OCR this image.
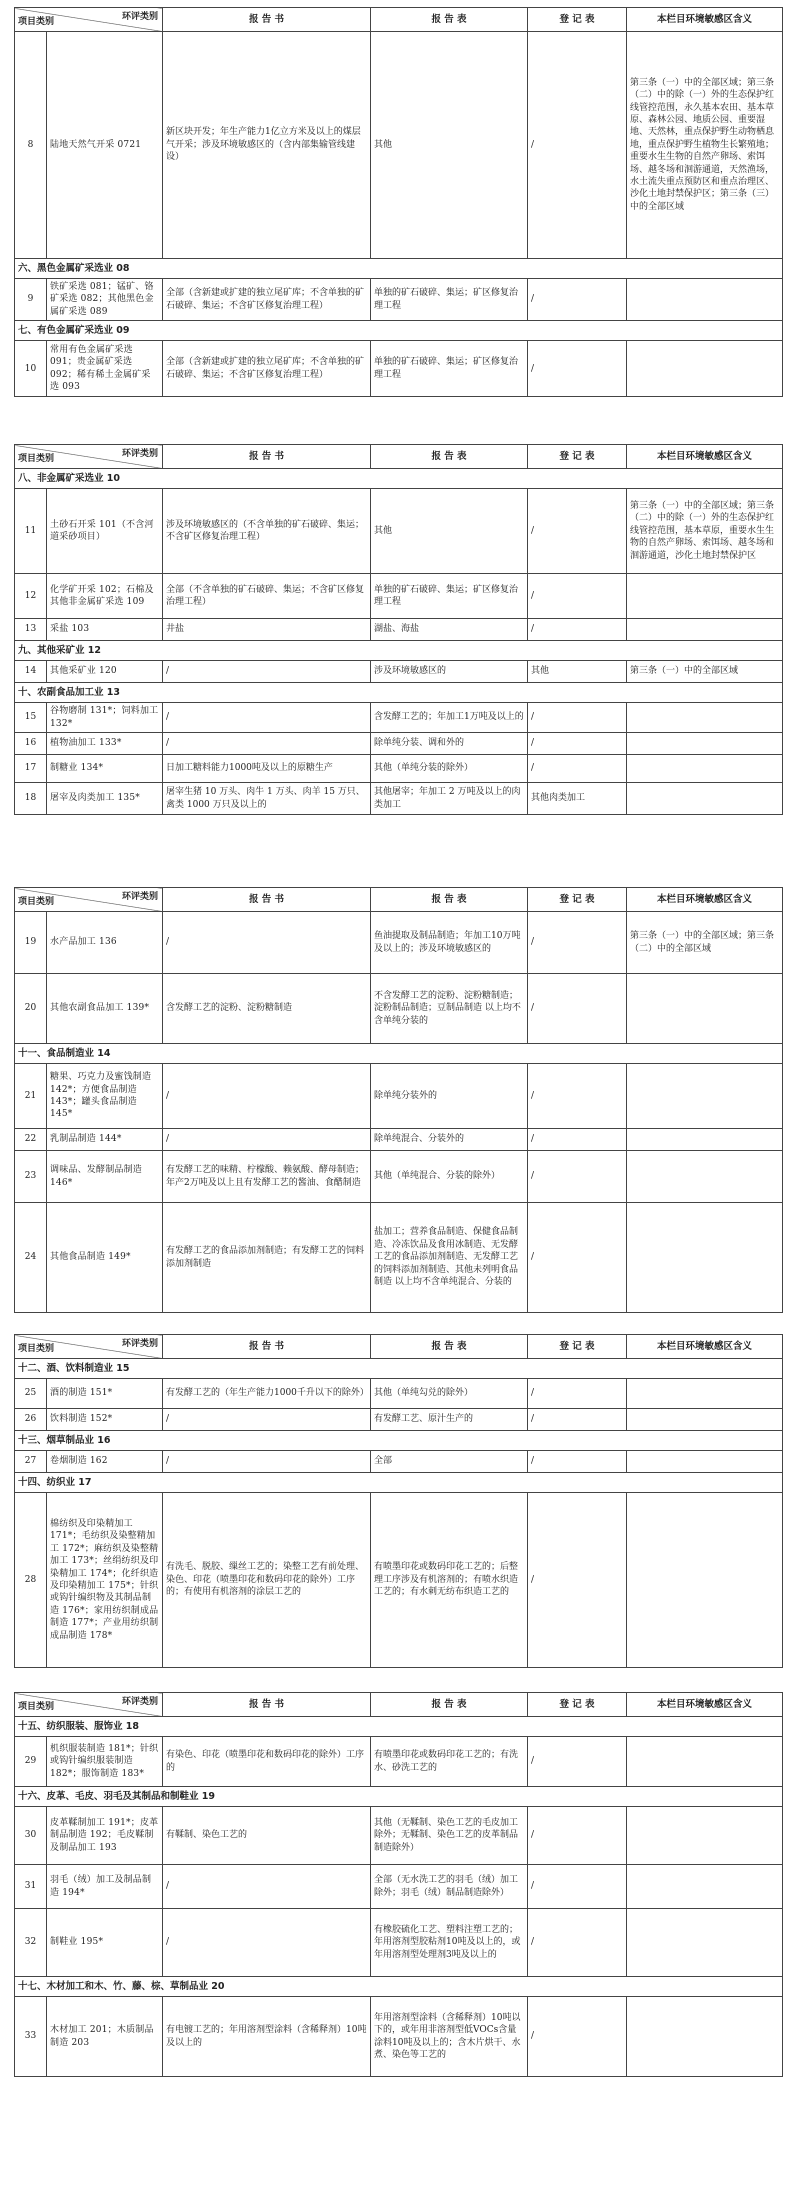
环评类别
项目类别		报 告 书	报 告 表	登 记 表	本栏目环境敏感区含义
8	陆地天然气开采 0721	新区块开发；年生产能力1亿立方米及以上的煤层气开采；涉及环境敏感区的（含内部集输管线建设）	其他	/	第三条（一）中的全部区域；第三条（二）中的除（一）外的生态保护红线管控范围，永久基本农田、基本草原、森林公园、地质公园、重要湿地、天然林，重点保护野生动物栖息地，重点保护野生植物生长繁殖地；重要水生生物的自然产卵场、索饵场、越冬场和洄游通道，天然渔场，水土流失重点预防区和重点治理区、沙化土地封禁保护区；第三条（三）中的全部区域
六、黑色金属矿采选业 08					
9	铁矿采选 081；锰矿、铬矿采选 082；其他黑色金属矿采选 089	全部（含新建或扩建的独立尾矿库；不含单独的矿石破碎、集运；不含矿区修复治理工程）	单独的矿石破碎、集运；矿区修复治理工程	/	
七、有色金属矿采选业 09					
10	常用有色金属矿采选 091；贵金属矿采选 092；稀有稀土金属矿采选 093	全部（含新建或扩建的独立尾矿库；不含单独的矿石破碎、集运；不含矿区修复治理工程）	单独的矿石破碎、集运；矿区修复治理工程	/	
环评类别
项目类别		报 告 书	报 告 表	登 记 表	本栏目环境敏感区含义
八、非金属矿采选业 10					
11	土砂石开采 101（不含河道采砂项目）	涉及环境敏感区的（不含单独的矿石破碎、集运；不含矿区修复治理工程）	其他	/	第三条（一）中的全部区域；第三条（二）中的除（一）外的生态保护红线管控范围，基本草原，重要水生生物的自然产卵场、索饵场、越冬场和洄游通道，沙化土地封禁保护区
12	化学矿开采 102；石棉及其他非金属矿采选 109	全部（不含单独的矿石破碎、集运；不含矿区修复治理工程）	单独的矿石破碎、集运；矿区修复治理工程	/	
13	采盐 103	井盐	湖盐、海盐	/	
九、其他采矿业 12					
14	其他采矿业 120	/	涉及环境敏感区的	其他	第三条（一）中的全部区域
十、农副食品加工业 13					
15	谷物磨制 131*；饲料加工 132*	/	含发酵工艺的；年加工1万吨及以上的	/	
16	植物油加工 133*	/	除单纯分装、调和外的	/	
17	制糖业 134*	日加工糖料能力1000吨及以上的原糖生产	其他（单纯分装的除外）	/	
18	屠宰及肉类加工 135*	屠宰生猪 10 万头、肉牛 1 万头、肉羊 15 万只、禽类 1000 万只及以上的	其他屠宰；年加工 2 万吨及以上的肉类加工	其他肉类加工	
环评类别
项目类别		报 告 书	报 告 表	登 记 表	本栏目环境敏感区含义
19	水产品加工 136	/	鱼油提取及制品制造；年加工10万吨及以上的；涉及环境敏感区的	/	第三条（一）中的全部区域；第三条（二）中的全部区域
20	其他农副食品加工 139*	含发酵工艺的淀粉、淀粉糖制造	不含发酵工艺的淀粉、淀粉糖制造；淀粉制品制造；豆制品制造 以上均不含单纯分装的	/	
十一、食品制造业 14					
21	糖果、巧克力及蜜饯制造 142*；方便食品制造 143*；罐头食品制造145*	/	除单纯分装外的	/	
22	乳制品制造 144*	/	除单纯混合、分装外的	/	
23	调味品、发酵制品制造 146*	有发酵工艺的味精、柠檬酸、赖氨酸、酵母制造；年产2万吨及以上且有发酵工艺的酱油、食醋制造	其他（单纯混合、分装的除外）	/	
24	其他食品制造 149*	有发酵工艺的食品添加剂制造；有发酵工艺的饲料添加剂制造	盐加工；营养食品制造、保健食品制造、冷冻饮品及食用冰制造、无发酵工艺的食品添加剂制造、无发酵工艺的饲料添加剂制造、其他未列明食品制造 以上均不含单纯混合、分装的	/	
环评类别
项目类别		报 告 书	报 告 表	登 记 表	本栏目环境敏感区含义
十二、酒、饮料制造业 15					
25	酒的制造 151*	有发酵工艺的（年生产能力1000千升以下的除外）	其他（单纯勾兑的除外）	/	
26	饮料制造 152*	/	有发酵工艺、原汁生产的	/	
十三、烟草制品业 16					
27	卷烟制造 162	/	全部	/	
十四、纺织业 17					
28	棉纺织及印染精加工 171*；毛纺织及染整精加工 172*；麻纺织及染整精加工 173*；丝绢纺织及印染精加工 174*；化纤织造及印染精加工 175*；针织或钩针编织物及其制品制造 176*；家用纺织制成品制造 177*；产业用纺织制成品制造 178*	有洗毛、脱胶、缫丝工艺的；染整工艺有前处理、染色、印花（喷墨印花和数码印花的除外）工序的；有使用有机溶剂的涂层工艺的	有喷墨印花或数码印花工艺的；后整理工序涉及有机溶剂的；有喷水织造工艺的；有水刺无纺布织造工艺的	/	
环评类别
项目类别		报 告 书	报 告 表	登 记 表	本栏目环境敏感区含义
十五、纺织服装、服饰业 18					
29	机织服装制造 181*；针织或钩针编织服装制造 182*；服饰制造 183*	有染色、印花（喷墨印花和数码印花的除外）工序的	有喷墨印花或数码印花工艺的；有洗水、砂洗工艺的	/	
十六、皮革、毛皮、羽毛及其制品和制鞋业 19					
30	皮革鞣制加工 191*；皮革制品制造 192；毛皮鞣制及制品加工 193	有鞣制、染色工艺的	其他（无鞣制、染色工艺的毛皮加工除外；无鞣制、染色工艺的皮革制品制造除外）	/	
31	羽毛（绒）加工及制品制造 194*	/	全部（无水洗工艺的羽毛（绒）加工除外；羽毛（绒）制品制造除外）	/	
32	制鞋业 195*	/	有橡胶硫化工艺、塑料注塑工艺的；年用溶剂型胶粘剂10吨及以上的，或年用溶剂型处理剂3吨及以上的	/	
十七、木材加工和木、竹、藤、棕、草制品业 20					
33	木材加工 201；木质制品制造 203	有电镀工艺的；年用溶剂型涂料（含稀释剂）10吨及以上的	年用溶剂型涂料（含稀释剂）10吨以下的，或年用非溶剂型低VOCs含量涂料10吨及以上的；含木片烘干、水煮、染色等工艺的	/	
